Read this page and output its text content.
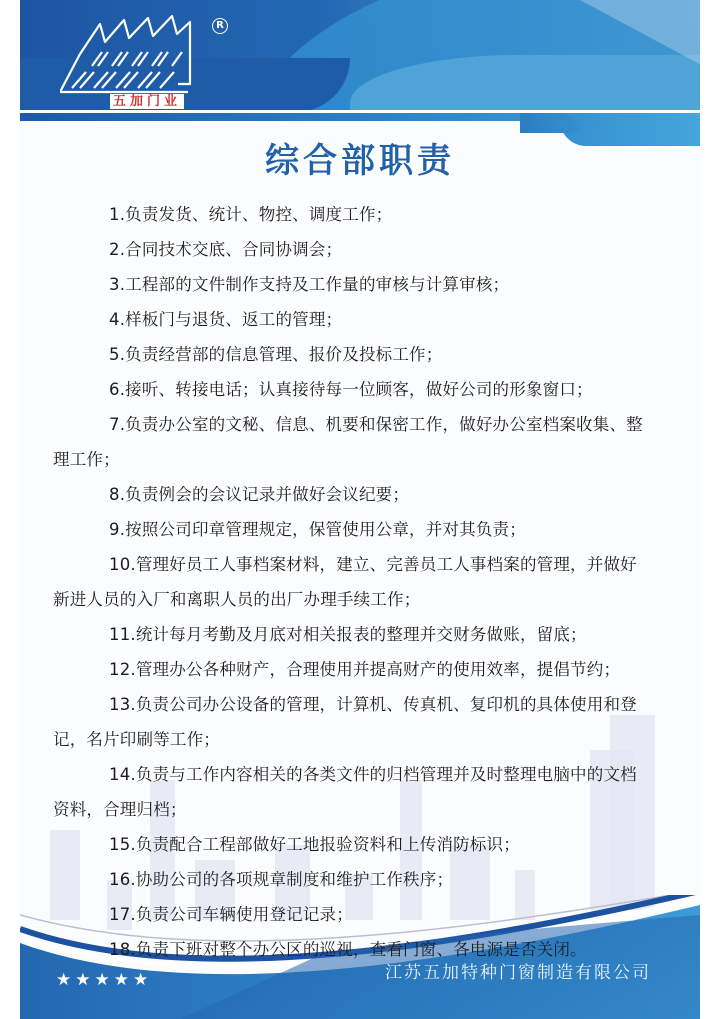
R
五加门业
综合部职责

1.负责发货、统计、物控、调度工作；

2.合同技术交底、合同协调会；

3.工程部的文件制作支持及工作量的审核与计算审核；

4.样板门与退货、返工的管理；

5.负责经营部的信息管理、报价及投标工作；

6.接听、转接电话；认真接待每一位顾客，做好公司的形象窗口；

7.负责办公室的文秘、信息、机要和保密工作，做好办公室档案收集、整理工作；

8.负责例会的会议记录并做好会议纪要；

9.按照公司印章管理规定，保管使用公章，并对其负责；

10.管理好员工人事档案材料，建立、完善员工人事档案的管理，并做好新进人员的入厂和离职人员的出厂办理手续工作；

11.统计每月考勤及月底对相关报表的整理并交财务做账，留底；

12.管理办公各种财产，合理使用并提高财产的使用效率，提倡节约；

13.负责公司办公设备的管理，计算机、传真机、复印机的具体使用和登记，名片印刷等工作；

14.负责与工作内容相关的各类文件的归档管理并及时整理电脑中的文档资料，合理归档；

15.负责配合工程部做好工地报验资料和上传消防标识；

16.协助公司的各项规章制度和维护工作秩序；

17.负责公司车辆使用登记记录；

18.负责下班对整个办公区的巡视，查看门窗、各电源是否关闭。

★★★★★	江苏五加特种门窗制造有限公司
